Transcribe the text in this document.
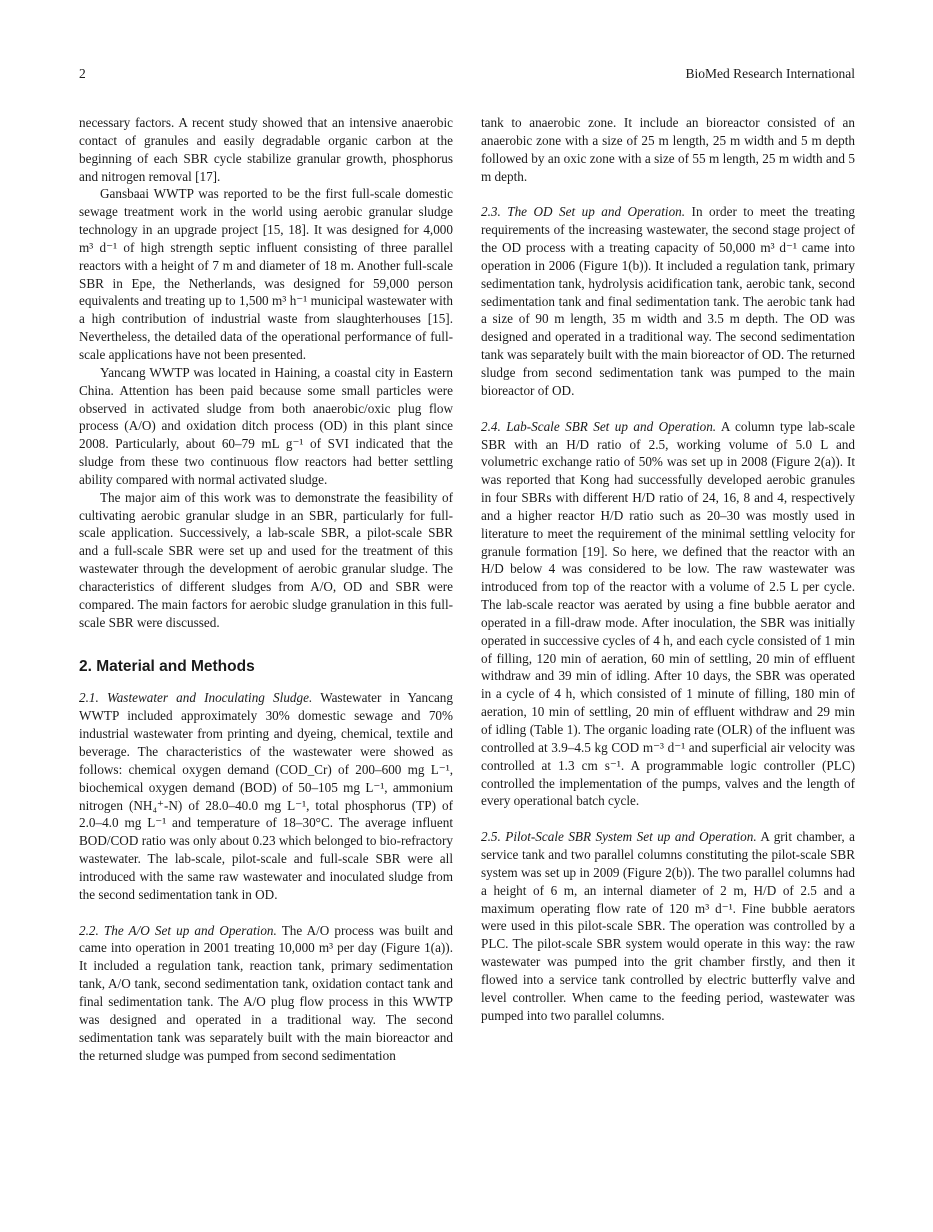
2	BioMed Research International

necessary factors. A recent study showed that an intensive anaerobic contact of granules and easily degradable organic carbon at the beginning of each SBR cycle stabilize granular growth, phosphorus and nitrogen removal [17].

Gansbaai WWTP was reported to be the first full-scale domestic sewage treatment work in the world using aerobic granular sludge technology in an upgrade project [15, 18]. It was designed for 4,000 m³ d⁻¹ of high strength septic influent consisting of three parallel reactors with a height of 7 m and diameter of 18 m. Another full-scale SBR in Epe, the Netherlands, was designed for 59,000 person equivalents and treating up to 1,500 m³ h⁻¹ municipal wastewater with a high contribution of industrial waste from slaughterhouses [15]. Nevertheless, the detailed data of the operational performance of full-scale applications have not been presented.

Yancang WWTP was located in Haining, a coastal city in Eastern China. Attention has been paid because some small particles were observed in activated sludge from both anaerobic/oxic plug flow process (A/O) and oxidation ditch process (OD) in this plant since 2008. Particularly, about 60–79 mL g⁻¹ of SVI indicated that the sludge from these two continuous flow reactors had better settling ability compared with normal activated sludge.

The major aim of this work was to demonstrate the feasibility of cultivating aerobic granular sludge in an SBR, particularly for full-scale application. Successively, a lab-scale SBR, a pilot-scale SBR and a full-scale SBR were set up and used for the treatment of this wastewater through the development of aerobic granular sludge. The characteristics of different sludges from A/O, OD and SBR were compared. The main factors for aerobic sludge granulation in this full-scale SBR were discussed.

2. Material and Methods

2.1. Wastewater and Inoculating Sludge. Wastewater in Yancang WWTP included approximately 30% domestic sewage and 70% industrial wastewater from printing and dyeing, chemical, textile and beverage. The characteristics of the wastewater were showed as follows: chemical oxygen demand (COD_Cr) of 200–600 mg L⁻¹, biochemical oxygen demand (BOD) of 50–105 mg L⁻¹, ammonium nitrogen (NH₄⁺-N) of 28.0–40.0 mg L⁻¹, total phosphorus (TP) of 2.0–4.0 mg L⁻¹ and temperature of 18–30°C. The average influent BOD/COD ratio was only about 0.23 which belonged to bio-refractory wastewater. The lab-scale, pilot-scale and full-scale SBR were all introduced with the same raw wastewater and inoculated sludge from the second sedimentation tank in OD.

2.2. The A/O Set up and Operation. The A/O process was built and came into operation in 2001 treating 10,000 m³ per day (Figure 1(a)). It included a regulation tank, reaction tank, primary sedimentation tank, A/O tank, second sedimentation tank, oxidation contact tank and final sedimentation tank. The A/O plug flow process in this WWTP was designed and operated in a traditional way. The second sedimentation tank was separately built with the main bioreactor and the returned sludge was pumped from second sedimentation

tank to anaerobic zone. It include an bioreactor consisted of an anaerobic zone with a size of 25 m length, 25 m width and 5 m depth followed by an oxic zone with a size of 55 m length, 25 m width and 5 m depth.

2.3. The OD Set up and Operation. In order to meet the treating requirements of the increasing wastewater, the second stage project of the OD process with a treating capacity of 50,000 m³ d⁻¹ came into operation in 2006 (Figure 1(b)). It included a regulation tank, primary sedimentation tank, hydrolysis acidification tank, aerobic tank, second sedimentation tank and final sedimentation tank. The aerobic tank had a size of 90 m length, 35 m width and 3.5 m depth. The OD was designed and operated in a traditional way. The second sedimentation tank was separately built with the main bioreactor of OD. The returned sludge from second sedimentation tank was pumped to the main bioreactor of OD.

2.4. Lab-Scale SBR Set up and Operation. A column type lab-scale SBR with an H/D ratio of 2.5, working volume of 5.0 L and volumetric exchange ratio of 50% was set up in 2008 (Figure 2(a)). It was reported that Kong had successfully developed aerobic granules in four SBRs with different H/D ratio of 24, 16, 8 and 4, respectively and a higher reactor H/D ratio such as 20–30 was mostly used in literature to meet the requirement of the minimal settling velocity for granule formation [19]. So here, we defined that the reactor with an H/D below 4 was considered to be low. The raw wastewater was introduced from top of the reactor with a volume of 2.5 L per cycle. The lab-scale reactor was aerated by using a fine bubble aerator and operated in a fill-draw mode. After inoculation, the SBR was initially operated in successive cycles of 4 h, and each cycle consisted of 1 min of filling, 120 min of aeration, 60 min of settling, 20 min of effluent withdraw and 39 min of idling. After 10 days, the SBR was operated in a cycle of 4 h, which consisted of 1 minute of filling, 180 min of aeration, 10 min of settling, 20 min of effluent withdraw and 29 min of idling (Table 1). The organic loading rate (OLR) of the influent was controlled at 3.9–4.5 kg COD m⁻³ d⁻¹ and superficial air velocity was controlled at 1.3 cm s⁻¹. A programmable logic controller (PLC) controlled the implementation of the pumps, valves and the length of every operational batch cycle.

2.5. Pilot-Scale SBR System Set up and Operation. A grit chamber, a service tank and two parallel columns constituting the pilot-scale SBR system was set up in 2009 (Figure 2(b)). The two parallel columns had a height of 6 m, an internal diameter of 2 m, H/D of 2.5 and a maximum operating flow rate of 120 m³ d⁻¹. Fine bubble aerators were used in this pilot-scale SBR. The operation was controlled by a PLC. The pilot-scale SBR system would operate in this way: the raw wastewater was pumped into the grit chamber firstly, and then it flowed into a service tank controlled by electric butterfly valve and level controller. When came to the feeding period, wastewater was pumped into two parallel columns.
